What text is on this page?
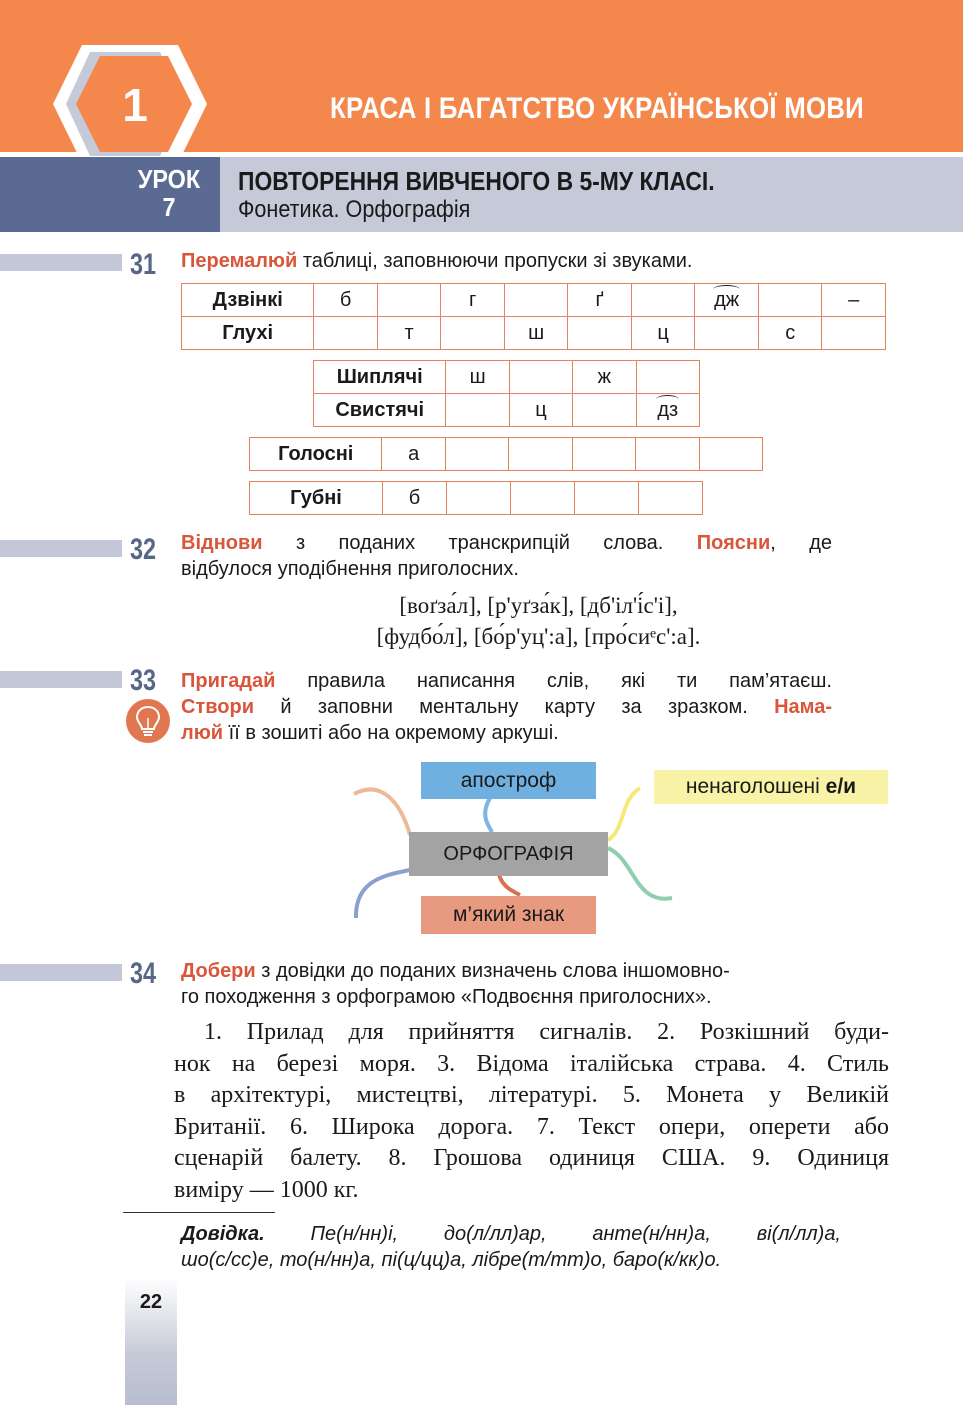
1	КРАСА І БАГАТСТВО УКРАЇНСЬКОЇ МОВИ
УРОК
7
ПОВТОРЕННЯ ВИВЧЕНОГО В 5-МУ КЛАСІ.
Фонетика. Орфографія
31 Перемалюй таблиці, заповнюючи пропуски зі звуками.
Дзвінкі	б		г		ґ		дж		–
Глухі		т		ш		ц		с	
Шиплячі	ш		ж	
Свистячі		ц		дз
Голосні	а					
Губні	б				
32 Віднови з поданих транскрипцій слова. Поясни, де
відбулося уподібнення приголосних.
[воґза́л], [р'уґза́к], [дб'іл'і́с'і],
[фудбо́л], [бо́р'уц':а], [про́сиᵉс':а].
33 Пригадай правила написання слів, які ти пам’ятаєш.
Створи й заповни ментальну карту за зразком. Нама-
люй її в зошиті або на окремому аркуші.
апостроф	ненаголошені е/и
ОРФОГРАФІЯ
м’який знак
34 Добери з довідки до поданих визначень слова іншомовно-
го походження з орфограмою «Подвоєння приголосних».
1. Прилад для прийняття сигналів. 2. Розкішний буди-
нок на березі моря. 3. Відома італійська страва. 4. Стиль
в архітектурі, мистецтві, літературі. 5. Монета у Великій
Британії. 6. Широка дорога. 7. Текст опери, оперети або
сценарій балету. 8. Грошова одиниця США. 9. Одиниця
виміру — 1000 кг.
Довідка. Пе(н/нн)і, до(л/лл)ар, анте(н/нн)а, ві(л/лл)а,
шо(с/сс)е, то(н/нн)а, пі(ц/цц)а, лібре(т/тт)о, баро(к/кк)о.
22
